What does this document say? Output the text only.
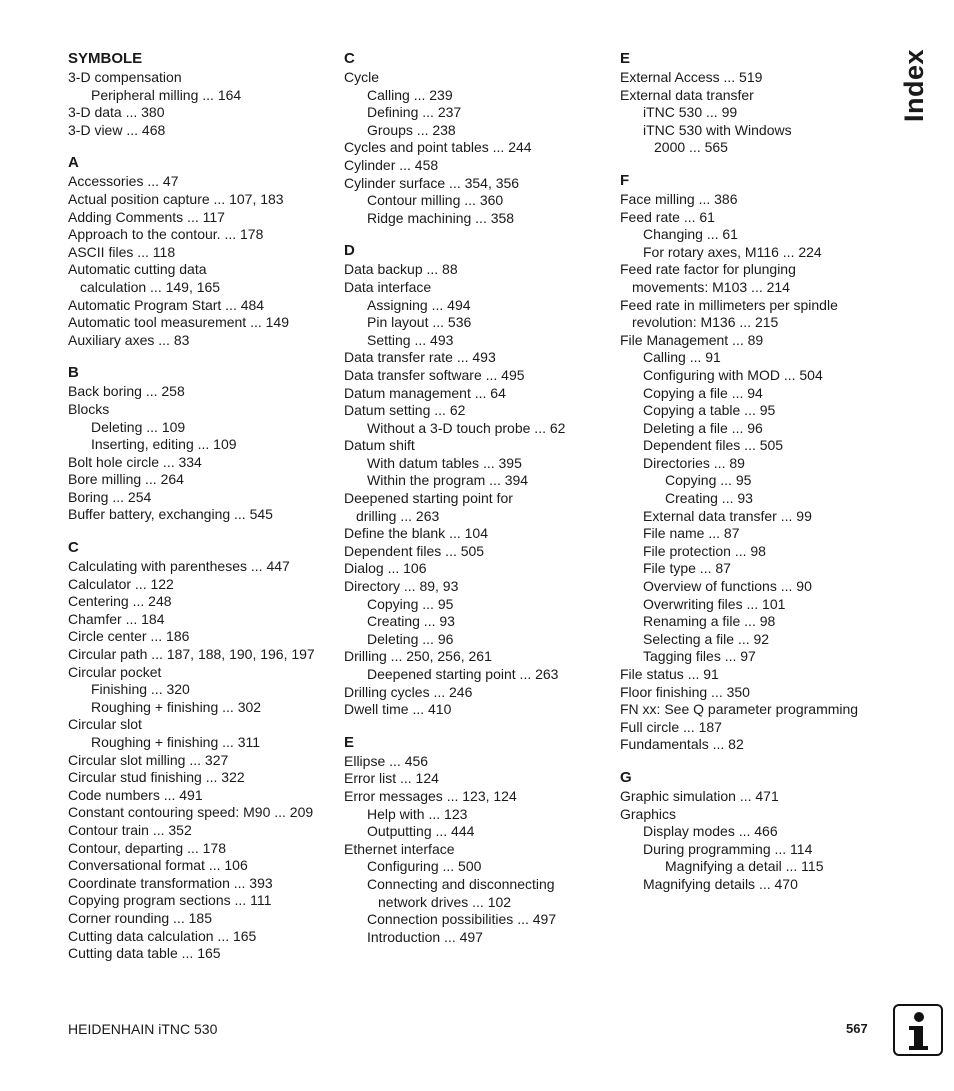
SYMBOLE
3-D compensation
Peripheral milling ... 164
3-D data ... 380
3-D view ... 468
A
Accessories ... 47
Actual position capture ... 107, 183
Adding Comments ... 117
Approach to the contour. ... 178
ASCII files ... 118
Automatic cutting data
calculation ... 149, 165
Automatic Program Start ... 484
Automatic tool measurement ... 149
Auxiliary axes ... 83
B
Back boring ... 258
Blocks
Deleting ... 109
Inserting, editing ... 109
Bolt hole circle ... 334
Bore milling ... 264
Boring ... 254
Buffer battery, exchanging ... 545
C
Calculating with parentheses ... 447
Calculator ... 122
Centering ... 248
Chamfer ... 184
Circle center ... 186
Circular path ... 187, 188, 190, 196, 197
Circular pocket
Finishing ... 320
Roughing + finishing ... 302
Circular slot
Roughing + finishing ... 311
Circular slot milling ... 327
Circular stud finishing ... 322
Code numbers ... 491
Constant contouring speed: M90 ... 209
Contour train ... 352
Contour, departing ... 178
Conversational format ... 106
Coordinate transformation ... 393
Copying program sections ... 111
Corner rounding ... 185
Cutting data calculation ... 165
Cutting data table ... 165
C
Cycle
Calling ... 239
Defining ... 237
Groups ... 238
Cycles and point tables ... 244
Cylinder ... 458
Cylinder surface ... 354, 356
Contour milling ... 360
Ridge machining ... 358
D
Data backup ... 88
Data interface
Assigning ... 494
Pin layout ... 536
Setting ... 493
Data transfer rate ... 493
Data transfer software ... 495
Datum management ... 64
Datum setting ... 62
Without a 3-D touch probe ... 62
Datum shift
With datum tables ... 395
Within the program ... 394
Deepened starting point for
drilling ... 263
Define the blank ... 104
Dependent files ... 505
Dialog ... 106
Directory ... 89, 93
Copying ... 95
Creating ... 93
Deleting ... 96
Drilling ... 250, 256, 261
Deepened starting point ... 263
Drilling cycles ... 246
Dwell time ... 410
E
Ellipse ... 456
Error list ... 124
Error messages ... 123, 124
Help with ... 123
Outputting ... 444
Ethernet interface
Configuring ... 500
Connecting and disconnecting
network drives ... 102
Connection possibilities ... 497
Introduction ... 497
E
External Access ... 519
External data transfer
iTNC 530 ... 99
iTNC 530 with Windows
2000 ... 565
F
Face milling ... 386
Feed rate ... 61
Changing ... 61
For rotary axes, M116 ... 224
Feed rate factor for plunging
movements: M103 ... 214
Feed rate in millimeters per spindle
revolution: M136 ... 215
File Management ... 89
Calling ... 91
Configuring with MOD ... 504
Copying a file ... 94
Copying a table ... 95
Deleting a file ... 96
Dependent files ... 505
Directories ... 89
Copying ... 95
Creating ... 93
External data transfer ... 99
File name ... 87
File protection ... 98
File type ... 87
Overview of functions ... 90
Overwriting files ... 101
Renaming a file ... 98
Selecting a file ... 92
Tagging files ... 97
File status ... 91
Floor finishing ... 350
FN xx: See Q parameter programming
Full circle ... 187
Fundamentals ... 82
G
Graphic simulation ... 471
Graphics
Display modes ... 466
During programming ... 114
Magnifying a detail ... 115
Magnifying details ... 470
Index
HEIDENHAIN iTNC 530	567
